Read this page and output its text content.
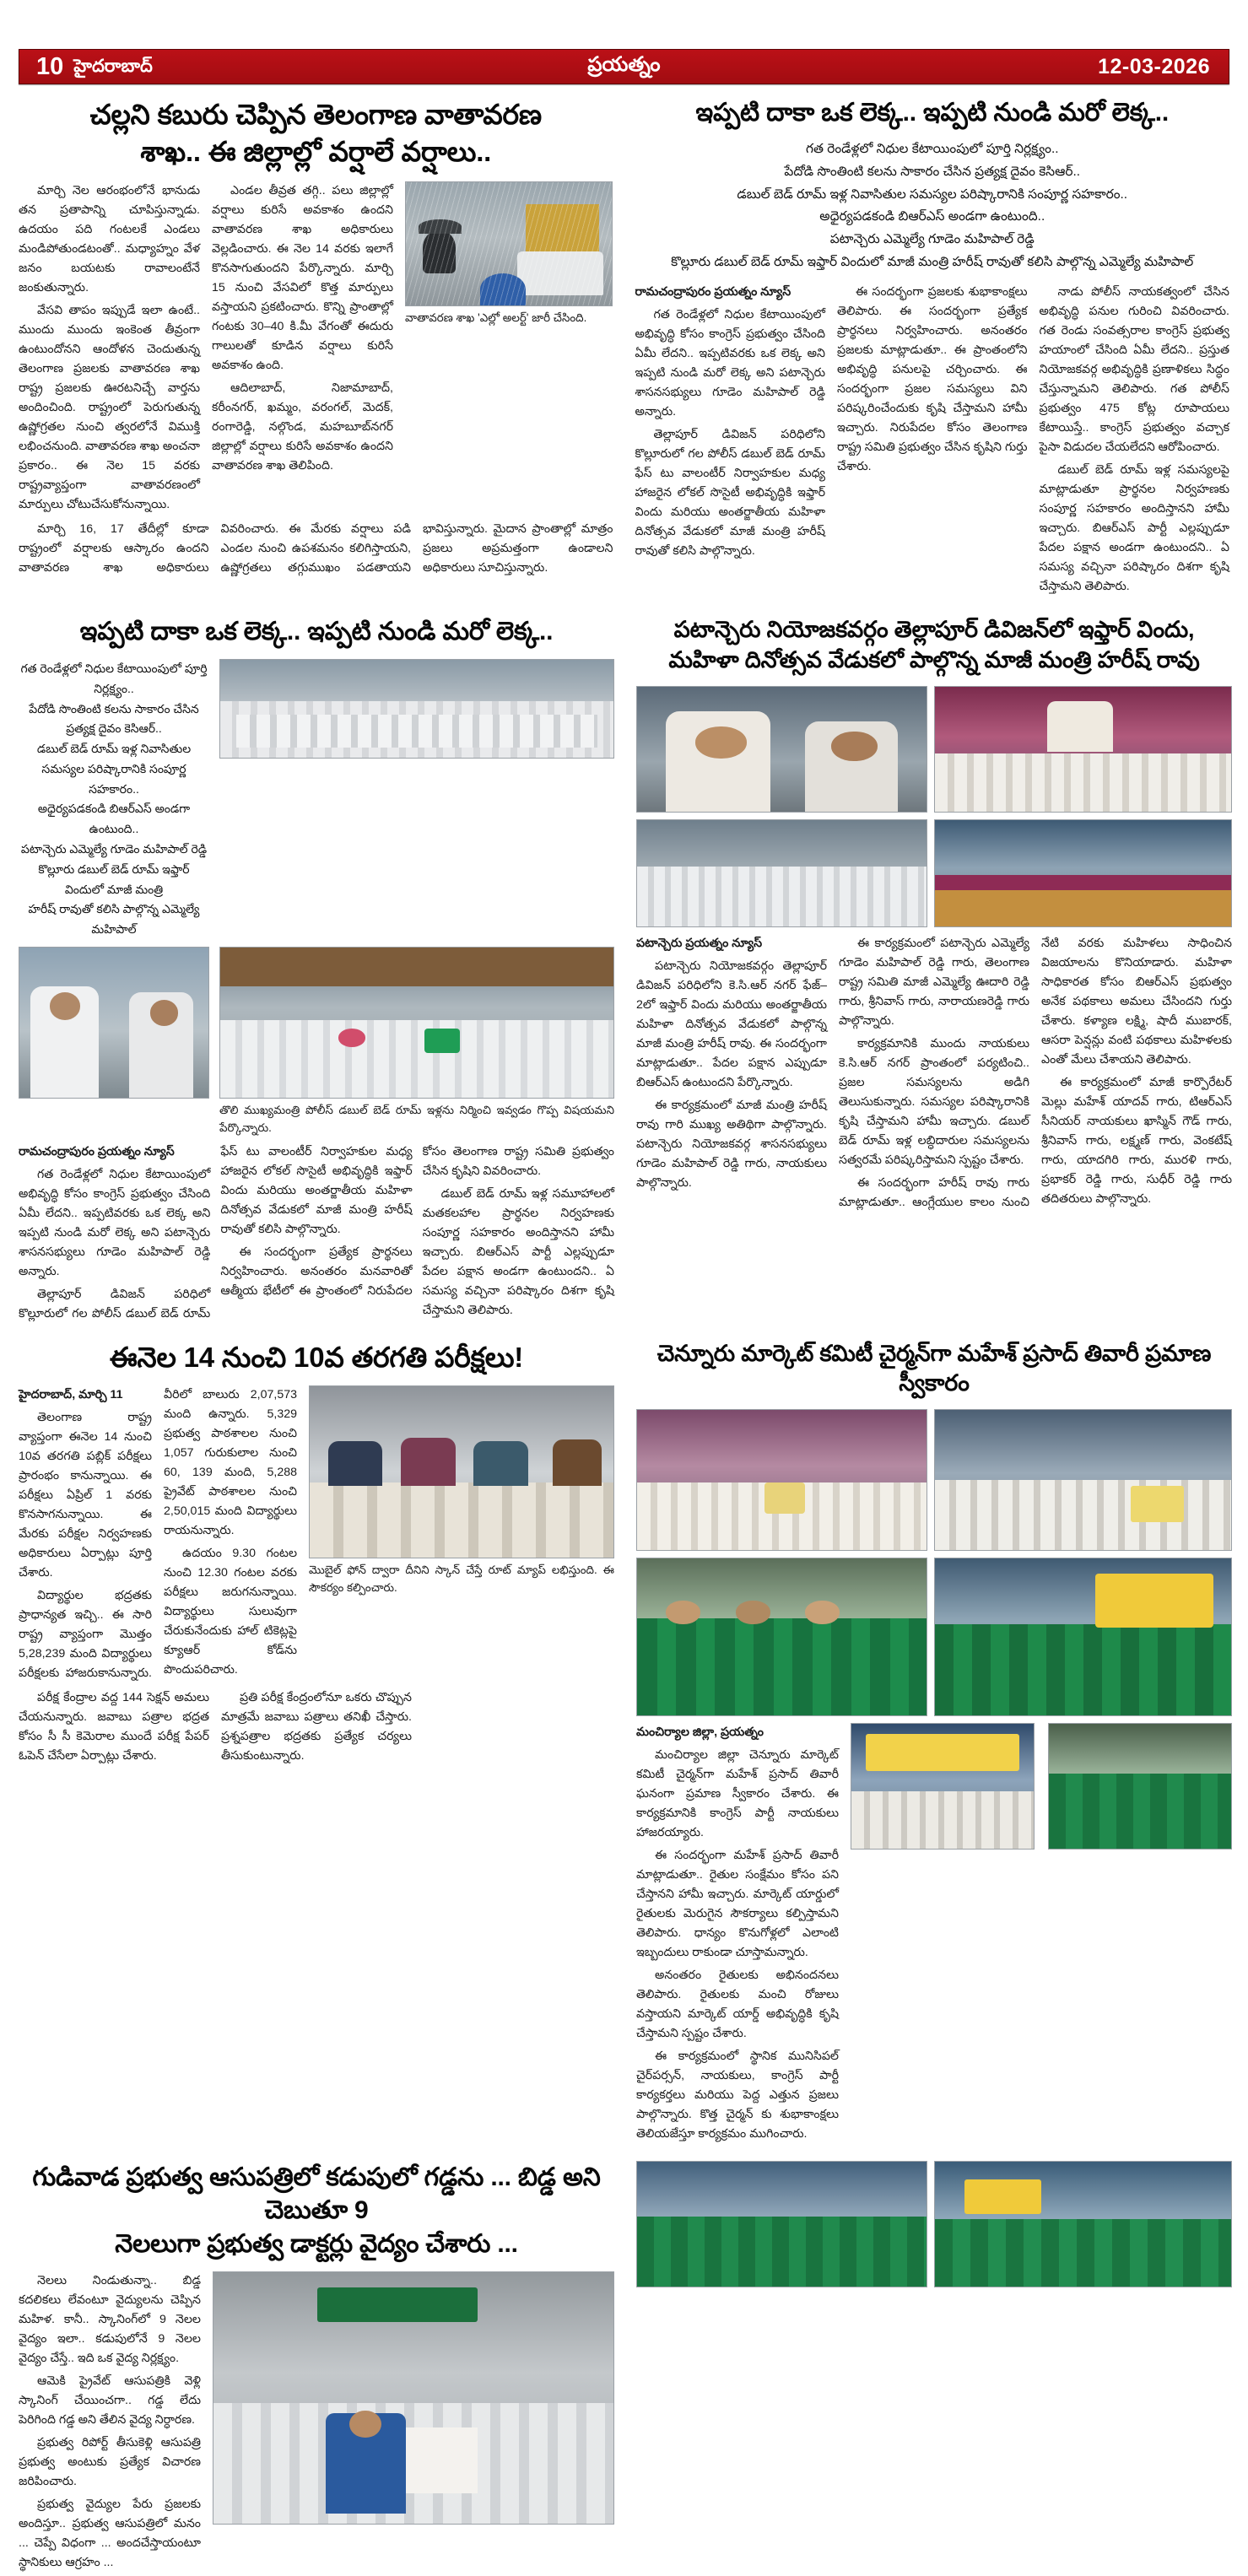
10 హైదరాబాద్	ప్రయత్నం	12-03-2026
చల్లని కబురు చెప్పిన తెలంగాణ వాతావరణ
శాఖ.. ఈ జిల్లాల్లో వర్షాలే వర్షాలు..

మార్చి నెల ఆరంభంలోనే భానుడు తన ప్రతాపాన్ని చూపిస్తున్నాడు. ఉదయం పది గంటలకే ఎండలు మండిపోతుండటంతో.. మధ్యాహ్నం వేళ జనం బయటకు రావాలంటేనే జంకుతున్నారు.

వేసవి తాపం ఇప్పుడే ఇలా ఉంటే.. ముందు ముందు ఇంకెంత తీవ్రంగా ఉంటుందోనని ఆందోళన చెందుతున్న తెలంగాణ ప్రజలకు వాతావరణ శాఖ రాష్ట్ర ప్రజలకు ఊరటనిచ్చే వార్తను అందించింది. రాష్ట్రంలో పెరుగుతున్న ఉష్ణోగ్రతల నుంచి త్వరలోనే విముక్తి లభించనుంది. వాతావరణ శాఖ అంచనా ప్రకారం.. ఈ నెల 15 వరకు రాష్ట్రవ్యాప్తంగా వాతావరణంలో మార్పులు చోటుచేసుకోనున్నాయి.

ఎండల తీవ్రత తగ్గి.. పలు జిల్లాల్లో వర్షాలు కురిసే అవకాశం ఉందని వాతావరణ శాఖ అధికారులు వెల్లడించారు. ఈ నెల 14 వరకు ఇలాగే కొనసాగుతుందని పేర్కొన్నారు. మార్చి 15 నుంచి వేసవిలో కొత్త మార్పులు వస్తాయని ప్రకటించారు. కొన్ని ప్రాంతాల్లో గంటకు 30–40 కి.మీ వేగంతో ఈదురు గాలులతో కూడిన వర్షాలు కురిసే అవకాశం ఉంది.

ఆదిలాబాద్‌, నిజామాబాద్‌, కరీంనగర్‌, ఖమ్మం, వరంగల్‌, మెదక్‌, రంగారెడ్డి, నల్గొండ, మహబూబ్‌నగర్‌ జిల్లాల్లో వర్షాలు కురిసే అవకాశం ఉందని వాతావరణ శాఖ తెలిపింది.

వాతావరణ శాఖ 'ఎల్లో అలర్ట్' జారీ చేసింది.

మార్చి 16, 17 తేదీల్లో కూడా రాష్ట్రంలో వర్షాలకు ఆస్కారం ఉందని వాతావరణ శాఖ అధికారులు వివరించారు. ఈ మేరకు వర్షాలు పడి ఎండల నుంచి ఉపశమనం కలిగిస్తాయని, ఉష్ణోగ్రతలు తగ్గుముఖం పడతాయని భావిస్తున్నారు. మైదాన ప్రాంతాల్లో మాత్రం ప్రజలు అప్రమత్తంగా ఉండాలని అధికారులు సూచిస్తున్నారు.

ఇప్పటి దాకా ఒక లెక్క.. ఇప్పటి నుండి మరో లెక్క..
గత రెండేళ్లలో నిధుల కేటాయింపులో పూర్తి నిర్లక్ష్యం..
పేదోడి సొంతింటి కలను సాకారం చేసిన ప్రత్యక్ష దైవం కెసిఆర్..
డబుల్ బెడ్ రూమ్ ఇళ్ల నివాసితుల సమస్యల పరిష్కారానికి సంపూర్ణ సహకారం..
అధైర్యపడకండి బిఆర్ఎస్ అండగా ఉంటుంది..
పటాన్చెరు ఎమ్మెల్యే గూడెం మహిపాల్ రెడ్డి
కొల్లూరు డబుల్ బెడ్ రూమ్ ఇఫ్తార్ విందులో మాజీ మంత్రి హరీష్ రావుతో కలిసి పాల్గొన్న ఎమ్మెల్యే మహిపాల్

రామచంద్రాపురం ప్రయత్నం న్యూస్

గత రెండేళ్లలో నిధుల కేటాయింపులో అభివృద్ధి కోసం కాంగ్రెస్ ప్రభుత్వం చేసింది ఏమీ లేదని.. ఇప్పటివరకు ఒక లెక్క అని ఇప్పటి నుండి మరో లెక్క అని పటాన్చెరు శాసనసభ్యులు గూడెం మహిపాల్ రెడ్డి అన్నారు.

తెల్లాపూర్ డివిజన్ పరిధిలోని కొల్లూరులో గల పోలీస్ డబుల్ బెడ్ రూమ్ ఫేస్ టు వాలంటీర్ నిర్వాహకుల మధ్య హాజరైన లోకల్ సొసైటీ అభివృద్ధికి ఇఫ్తార్ విందు మరియు అంతర్జాతీయ మహిళా దినోత్సవ వేడుకలో మాజీ మంత్రి హరీష్ రావుతో కలిసి పాల్గొన్నారు.

ఈ సందర్భంగా ప్రజలకు శుభాకాంక్షలు తెలిపారు. ఈ సందర్భంగా ప్రత్యేక ప్రార్థనలు నిర్వహించారు. అనంతరం ప్రజలకు మాట్లాడుతూ.. ఈ ప్రాంతంలోని అభివృద్ధి పనులపై చర్చించారు. ఈ సందర్భంగా ప్రజల సమస్యలు విని పరిష్కరించేందుకు కృషి చేస్తామని హామీ ఇచ్చారు. నిరుపేదల కోసం తెలంగాణ రాష్ట్ర సమితి ప్రభుత్వం చేసిన కృషిని గుర్తు చేశారు.

నాడు పోలీస్ నాయకత్వంలో చేసిన అభివృద్ధి పనుల గురించి వివరించారు. గత రెండు సంవత్సరాల కాంగ్రెస్ ప్రభుత్వ హయాంలో చేసింది ఏమీ లేదని.. ప్రస్తుత నియోజకవర్గ అభివృద్ధికి ప్రణాళికలు సిద్ధం చేస్తున్నామని తెలిపారు. గత పోలీస్ ప్రభుత్వం 475 కోట్ల రూపాయలు కేటాయిస్తే.. కాంగ్రెస్ ప్రభుత్వం వచ్చాక పైసా విడుదల చేయలేదని ఆరోపించారు.

డబుల్ బెడ్ రూమ్ ఇళ్ల సమస్యలపై మాట్లాడుతూ ప్రార్థనల నిర్వహణకు సంపూర్ణ సహకారం అందిస్తానని హామీ ఇచ్చారు. బిఆర్ఎస్ పార్టీ ఎల్లప్పుడూ పేదల పక్షాన అండగా ఉంటుందని.. ఏ సమస్య వచ్చినా పరిష్కారం దిశగా కృషి చేస్తామని తెలిపారు.

ఇప్పటి దాకా ఒక లెక్క.. ఇప్పటి నుండి మరో లెక్క..
గత రెండేళ్లలో నిధుల కేటాయింపులో పూర్తి నిర్లక్ష్యం..
పేదోడి సొంతింటి కలను సాకారం చేసిన ప్రత్యక్ష దైవం కెసిఆర్..
డబుల్ బెడ్ రూమ్ ఇళ్ల నివాసితుల సమస్యల పరిష్కారానికి సంపూర్ణ సహకారం..
అధైర్యపడకండి బిఆర్ఎస్ అండగా ఉంటుంది..
పటాన్చెరు ఎమ్మెల్యే గూడెం మహిపాల్ రెడ్డి
కొల్లూరు డబుల్ బెడ్ రూమ్ ఇఫ్తార్ విందులో మాజీ మంత్రి
హరీష్ రావుతో కలిసి పాల్గొన్న ఎమ్మెల్యే మహిపాల్
తొలి ముఖ్యమంత్రి పోలీస్ డబుల్ బెడ్ రూమ్ ఇళ్లను నిర్మించి ఇవ్వడం గొప్ప విషయమని పేర్కొన్నారు.

రామచంద్రాపురం ప్రయత్నం న్యూస్

గత రెండేళ్లలో నిధుల కేటాయింపులో అభివృద్ధి కోసం కాంగ్రెస్ ప్రభుత్వం చేసింది ఏమీ లేదని.. ఇప్పటివరకు ఒక లెక్క అని ఇప్పటి నుండి మరో లెక్క అని పటాన్చెరు శాసనసభ్యులు గూడెం మహిపాల్ రెడ్డి అన్నారు.

తెల్లాపూర్ డివిజన్ పరిధిలో కొల్లూరులో గల పోలీస్ డబుల్ బెడ్ రూమ్ ఫేస్ టు వాలంటీర్ నిర్వాహకుల మధ్య హాజరైన లోకల్ సొసైటీ అభివృద్ధికి ఇఫ్తార్ విందు మరియు అంతర్జాతీయ మహిళా దినోత్సవ వేడుకలో మాజీ మంత్రి హరీష్ రావుతో కలిసి పాల్గొన్నారు.

ఈ సందర్భంగా ప్రత్యేక ప్రార్థనలు నిర్వహించారు. అనంతరం మనవారితో ఆత్మీయ భేటీలో ఈ ప్రాంతంలో నిరుపేదల కోసం తెలంగాణ రాష్ట్ర సమితి ప్రభుత్వం చేసిన కృషిని వివరించారు.

డబుల్ బెడ్ రూమ్ ఇళ్ల సమూహాలలో మతకలహాల ప్రార్థనల నిర్వహణకు సంపూర్ణ సహకారం అందిస్తానని హామీ ఇచ్చారు. బిఆర్ఎస్ పార్టీ ఎల్లప్పుడూ పేదల పక్షాన అండగా ఉంటుందని.. ఏ సమస్య వచ్చినా పరిష్కారం దిశగా కృషి చేస్తామని తెలిపారు.

పటాన్చెరు నియోజకవర్గం తెల్లాపూర్ డివిజన్‌లో ఇఫ్తార్ విందు,
మహిళా దినోత్సవ వేడుకలో పాల్గొన్న మాజీ మంత్రి హరీష్ రావు

పటాన్చెరు ప్రయత్నం న్యూస్

పటాన్చెరు నియోజకవర్గం తెల్లాపూర్ డివిజన్ పరిధిలోని కె.సి.ఆర్ నగర్ ఫేజ్–2లో ఇఫ్తార్ విందు మరియు అంతర్జాతీయ మహిళా దినోత్సవ వేడుకలో పాల్గొన్న మాజీ మంత్రి హరీష్ రావు. ఈ సందర్భంగా మాట్లాడుతూ.. పేదల పక్షాన ఎప్పుడూ బిఆర్ఎస్ ఉంటుందని పేర్కొన్నారు.

ఈ కార్యక్రమంలో మాజీ మంత్రి హరీష్ రావు గారి ముఖ్య అతిథిగా పాల్గొన్నారు. పటాన్చెరు నియోజకవర్గ శాసనసభ్యులు గూడెం మహిపాల్ రెడ్డి గారు, నాయకులు పాల్గొన్నారు.

ఈ కార్యక్రమంలో పటాన్చెరు ఎమ్మెల్యే గూడెం మహిపాల్ రెడ్డి గారు, తెలంగాణ రాష్ట్ర సమితి మాజీ ఎమ్మెల్యే ఊదారి రెడ్డి గారు, శ్రీనివాస్ గారు, నారాయణరెడ్డి గారు పాల్గొన్నారు.

కార్యక్రమానికి ముందు నాయకులు కె.సి.ఆర్ నగర్ ప్రాంతంలో పర్యటించి.. ప్రజల సమస్యలను అడిగి తెలుసుకున్నారు. సమస్యల పరిష్కారానికి కృషి చేస్తామని హామీ ఇచ్చారు. డబుల్ బెడ్ రూమ్ ఇళ్ల లబ్ధిదారుల సమస్యలను సత్వరమే పరిష్కరిస్తామని స్పష్టం చేశారు.

ఈ సందర్భంగా హరీష్ రావు గారు మాట్లాడుతూ.. ఆంగ్లేయుల కాలం నుంచి నేటి వరకు మహిళలు సాధించిన విజయాలను కొనియాడారు. మహిళా సాధికారత కోసం బిఆర్ఎస్ ప్రభుత్వం అనేక పథకాలు అమలు చేసిందని గుర్తు చేశారు. కళ్యాణ లక్ష్మి, షాదీ ముబారక్, ఆసరా పెన్షన్లు వంటి పథకాలు మహిళలకు ఎంతో మేలు చేశాయని తెలిపారు.

ఈ కార్యక్రమంలో మాజీ కార్పొరేటర్ మెల్లు మహేశ్ యాదవ్ గారు, టిఆర్ఎస్ సీనియర్ నాయకులు ఖాస్మిన్ గౌడ్ గారు, శ్రీనివాస్ గారు, లక్ష్మణ్ గారు, వెంకటేష్ గారు, యాదగిరి గారు, మురళి గారు, ప్రభాకర్ రెడ్డి గారు, సుధీర్ రెడ్డి గారు తదితరులు పాల్గొన్నారు.

ఈనెల 14 నుంచి 10వ తరగతి పరీక్షలు!

హైదరాబాద్‌, మార్చి 11

తెలంగాణ రాష్ట్ర వ్యాప్తంగా ఈనెల 14 నుంచి 10వ తరగతి పబ్లిక్ పరీక్షలు ప్రారంభం కానున్నాయి. ఈ పరీక్షలు ఏప్రిల్ 1 వరకు కొనసాగనున్నాయి. ఈ మేరకు పరీక్షల నిర్వహణకు అధికారులు ఏర్పాట్లు పూర్తి చేశారు.

విద్యార్థుల భద్రతకు ప్రాధాన్యత ఇచ్చి.. ఈ సారి రాష్ట్ర వ్యాప్తంగా మొత్తం 5,28,239 మంది విద్యార్థులు పరీక్షలకు హాజరుకానున్నారు. వీరిలో బాలురు 2,07,573 మంది ఉన్నారు. 5,329 ప్రభుత్వ పాఠశాలల నుంచి 1,057 గురుకులాల నుంచి 60, 139 మంది, 5,288 ప్రైవేట్ పాఠశాలల నుంచి 2,50,015 మంది విద్యార్థులు రాయనున్నారు.

ఉదయం 9.30 గంటల నుంచి 12.30 గంటల వరకు పరీక్షలు జరుగనున్నాయి. విద్యార్థులు సులువుగా చేరుకునేందుకు హాల్ టికెట్లపై క్యూఆర్ కోడ్‌ను పొందుపరిచారు.

మొబైల్ ఫోన్ ద్వారా దీనిని స్కాన్ చేస్తే రూట్ మ్యాప్ లభిస్తుంది. ఈ సౌకర్యం కల్పించారు.

పరీక్ష కేంద్రాల వద్ద 144 సెక్షన్ అమలు చేయనున్నారు. జవాబు పత్రాల భద్రత కోసం సీ సీ కెమెరాల ముందే పరీక్ష పేపర్ ఓపెన్ చేసేలా ఏర్పాట్లు చేశారు.

ప్రతి పరీక్ష కేంద్రంలోనూ ఒకరు చొప్పున మాత్రమే జవాబు పత్రాలు తనిఖీ చేస్తారు. ప్రశ్నపత్రాల భద్రతకు ప్రత్యేక చర్యలు తీసుకుంటున్నారు.

చెన్నూరు మార్కెట్ కమిటీ చైర్మన్‌గా మహేశ్ ప్రసాద్ తివారీ ప్రమాణ స్వీకారం

మంచిర్యాల జిల్లా, ప్రయత్నం

మంచిర్యాల జిల్లా చెన్నూరు మార్కెట్ కమిటీ చైర్మన్‌గా మహేశ్ ప్రసాద్ తివారీ ఘనంగా ప్రమాణ స్వీకారం చేశారు. ఈ కార్యక్రమానికి కాంగ్రెస్ పార్టీ నాయకులు హాజరయ్యారు.

ఈ సందర్భంగా మహేశ్ ప్రసాద్ తివారీ మాట్లాడుతూ.. రైతుల సంక్షేమం కోసం పని చేస్తానని హామీ ఇచ్చారు. మార్కెట్ యార్డులో రైతులకు మెరుగైన సౌకర్యాలు కల్పిస్తామని తెలిపారు. ధాన్యం కొనుగోళ్లలో ఎలాంటి ఇబ్బందులు రాకుండా చూస్తామన్నారు.

అనంతరం రైతులకు అభినందనలు తెలిపారు. రైతులకు మంచి రోజులు వస్తాయని మార్కెట్ యార్డ్ అభివృద్ధికి కృషి చేస్తామని స్పష్టం చేశారు.

ఈ కార్యక్రమంలో స్థానిక మునిసిపల్ చైర్‌పర్సన్, నాయకులు, కాంగ్రెస్ పార్టీ కార్యకర్తలు మరియు పెద్ద ఎత్తున ప్రజలు పాల్గొన్నారు. కొత్త చైర్మన్ కు శుభాకాంక్షలు తెలియజేస్తూ కార్యక్రమం ముగించారు.

గుడివాడ ప్రభుత్వ ఆసుపత్రిలో కడుపులో గడ్డను ... బిడ్డ అని చెబుతూ 9
నెలలుగా ప్రభుత్వ డాక్టర్లు వైద్యం చేశారు ...

నెలలు నిండుతున్నా.. బిడ్డ కదలికలు లేవంటూ వైద్యులను చెప్పిన మహిళ. కానీ.. స్కానింగ్‌లో 9 నెలల వైద్యం ఇలా.. కడుపులోనే 9 నెలల వైద్యం చేస్తే.. ఇది ఒక వైద్య నిర్లక్ష్యం.

ఆమెకి ప్రైవేట్ ఆసుపత్రికి వెళ్లి స్కానింగ్ చేయించగా.. గడ్డ లేదు పెరిగింది గడ్డ అని తేలిన వైద్య నిర్ధారణ.

ప్రభుత్వ రిపోర్ట్ తీసుకెళ్లి ఆసుపత్రి ప్రభుత్వ అంటుకు ప్రత్యేక విచారణ జరిపించారు.

ప్రభుత్వ వైద్యుల పేరు ప్రజలకు అందిస్తూ.. ప్రభుత్వ ఆసుపత్రిలో మనం ... చెప్పే విధంగా ... అందచేస్తాయంటూ స్థానికులు ఆగ్రహం ...
